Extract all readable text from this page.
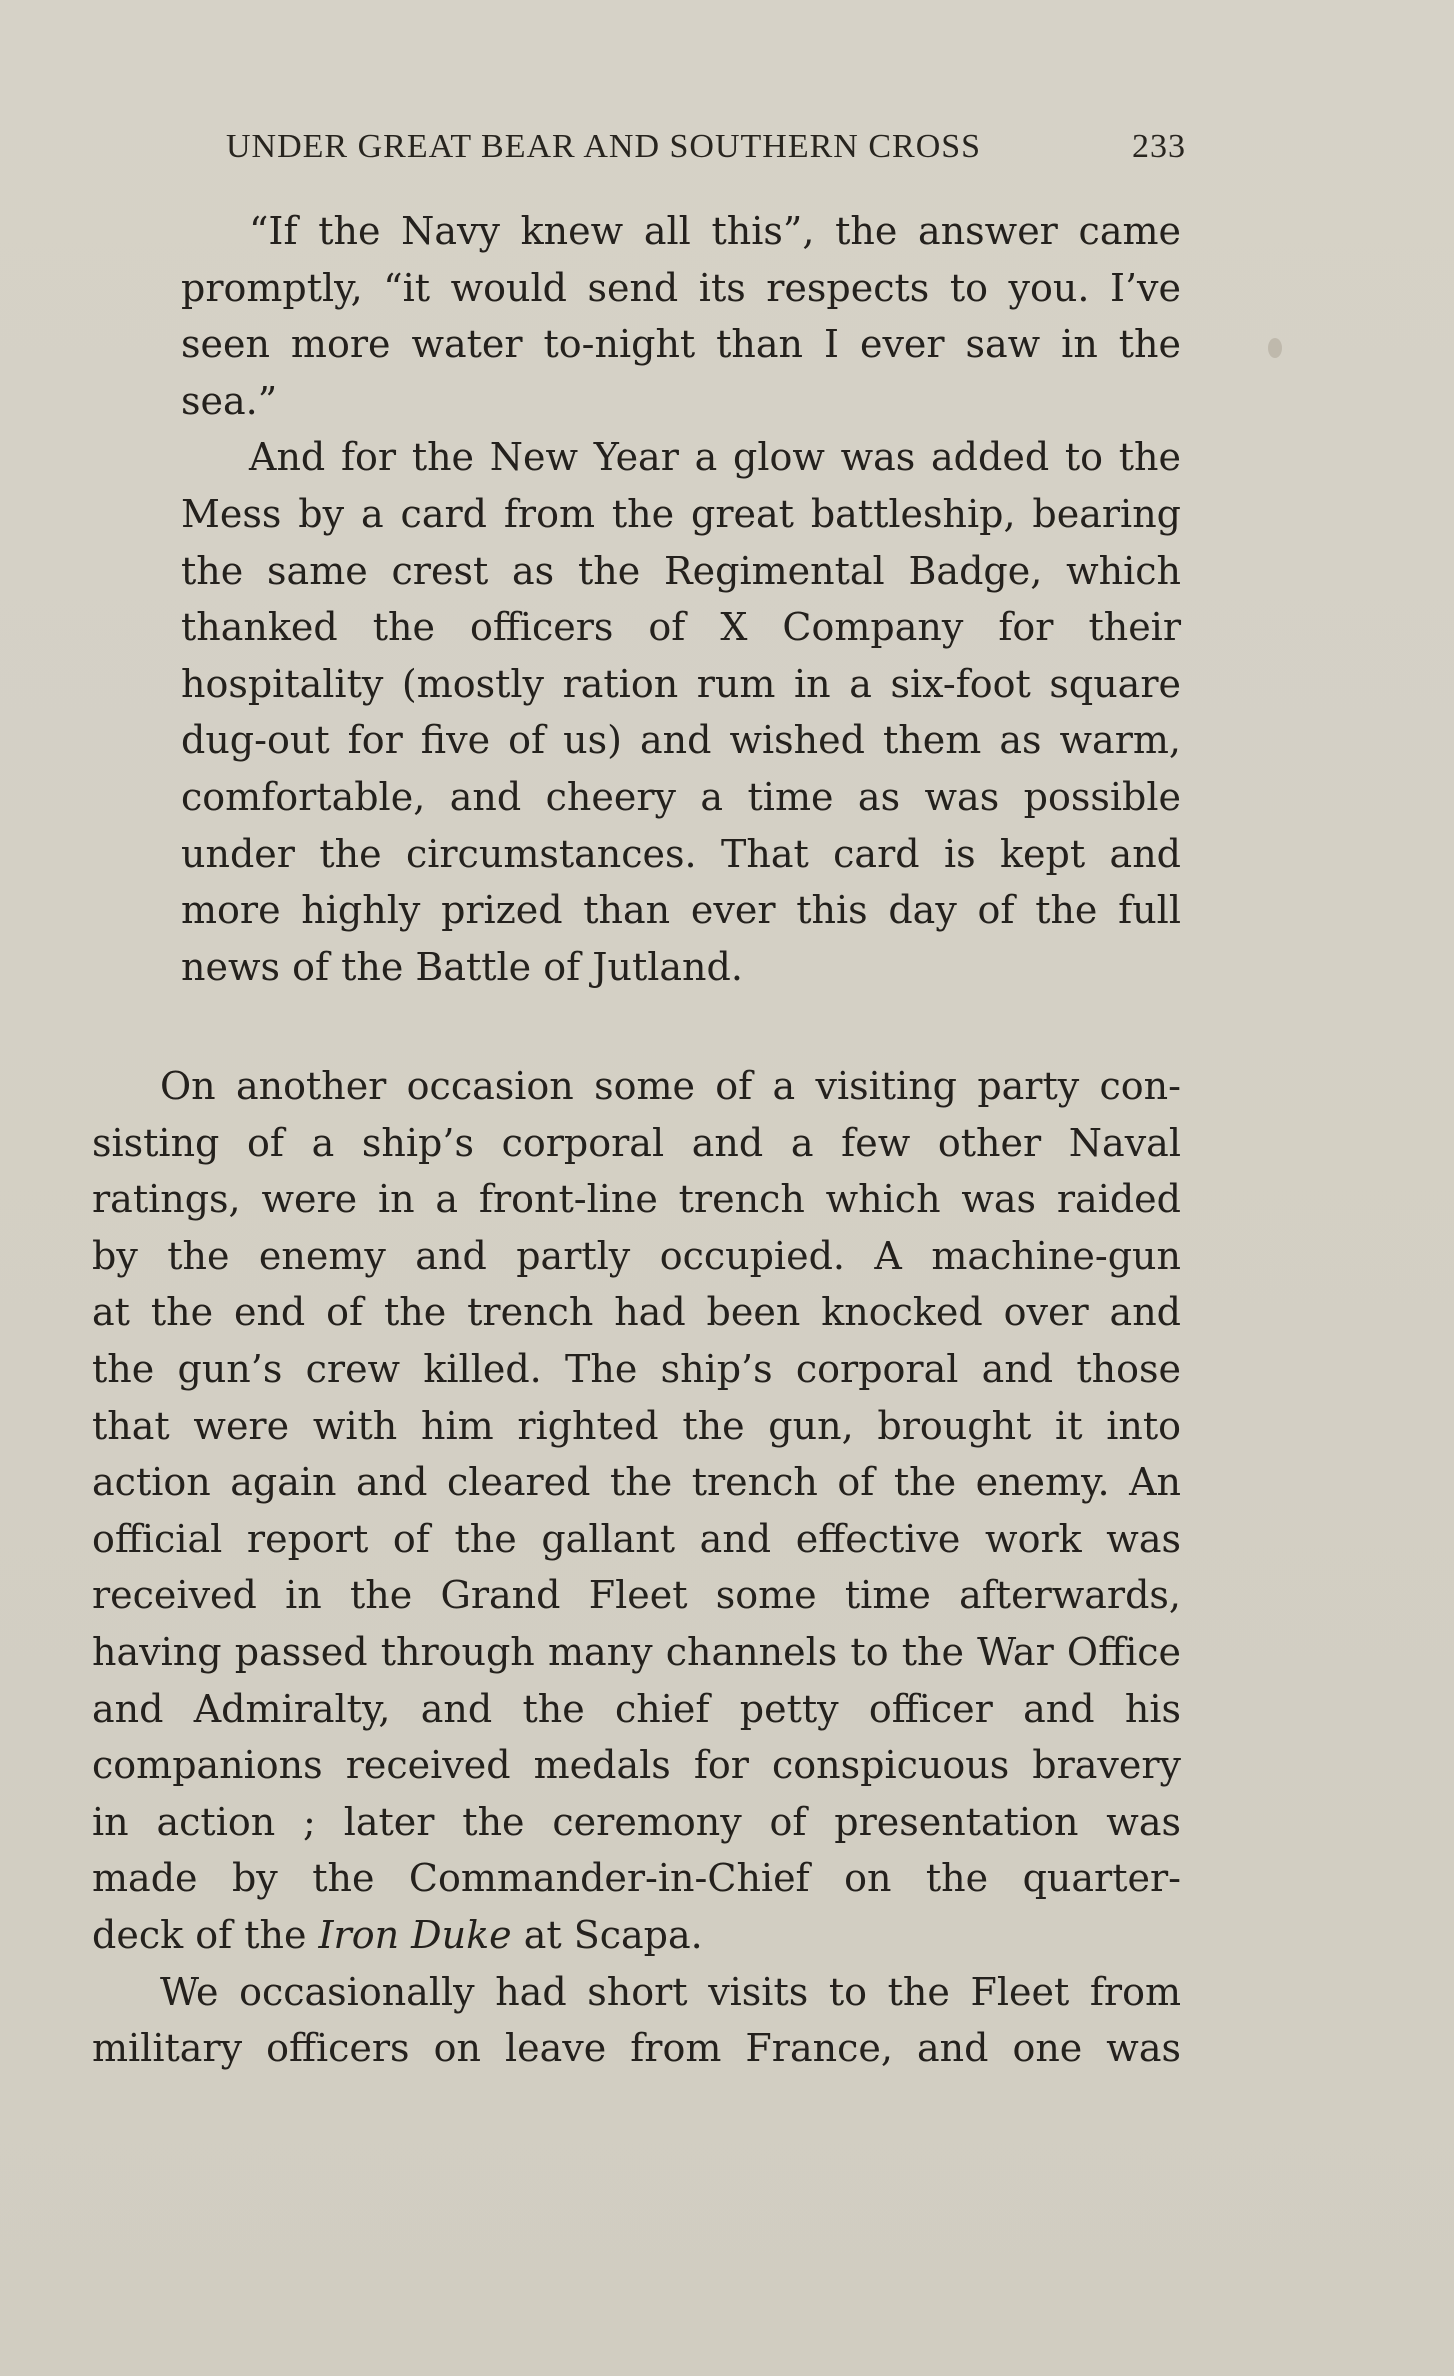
UNDER GREAT BEAR AND SOUTHERN CROSS	233
“If the Navy knew all this”, the answer came
promptly, “it would send its respects to you. I’ve
seen more water to-night than I ever saw in the
sea.”
And for the New Year a glow was added to the
Mess by a card from the great battleship, bearing
the same crest as the Regimental Badge, which
thanked the officers of X Company for their
hospitality (mostly ration rum in a six-foot square
dug-out for five of us) and wished them as warm,
comfortable, and cheery a time as was possible
under the circumstances. That card is kept and
more highly prized than ever this day of the full
news of the Battle of Jutland.
On another occasion some of a visiting party con-
sisting of a ship’s corporal and a few other Naval
ratings, were in a front-line trench which was raided
by the enemy and partly occupied. A machine-gun
at the end of the trench had been knocked over and
the gun’s crew killed. The ship’s corporal and those
that were with him righted the gun, brought it into
action again and cleared the trench of the enemy. An
official report of the gallant and effective work was
received in the Grand Fleet some time afterwards,
having passed through many channels to the War Office
and Admiralty, and the chief petty officer and his
companions received medals for conspicuous bravery
in action ; later the ceremony of presentation was
made by the Commander-in-Chief on the quarter-
deck of the Iron Duke at Scapa.
We occasionally had short visits to the Fleet from
military officers on leave from France, and one was
